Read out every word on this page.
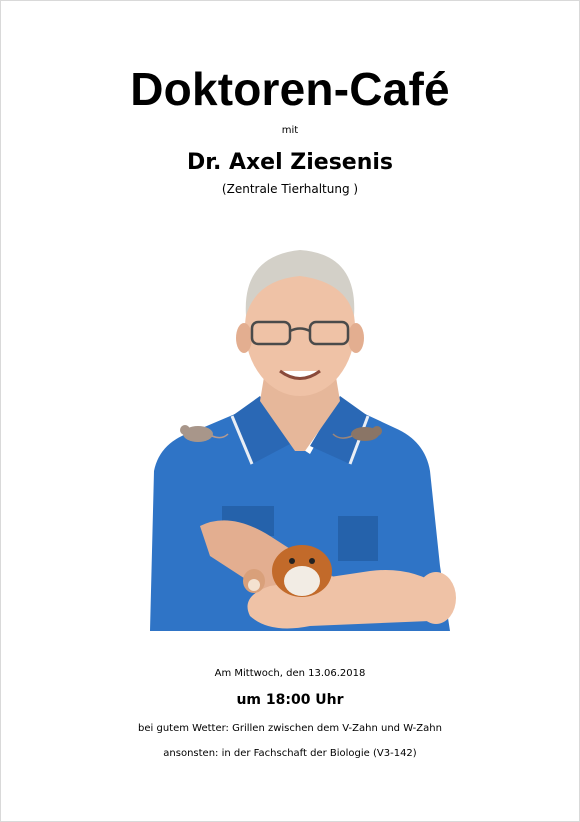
Doktoren-Café
mit
Dr. Axel Ziesenis
(Zentrale Tierhaltung )
Am Mittwoch, den 13.06.2018
um 18:00 Uhr
bei gutem Wetter: Grillen zwischen dem V-Zahn und W-Zahn
ansonsten: in der Fachschaft der Biologie (V3-142)
